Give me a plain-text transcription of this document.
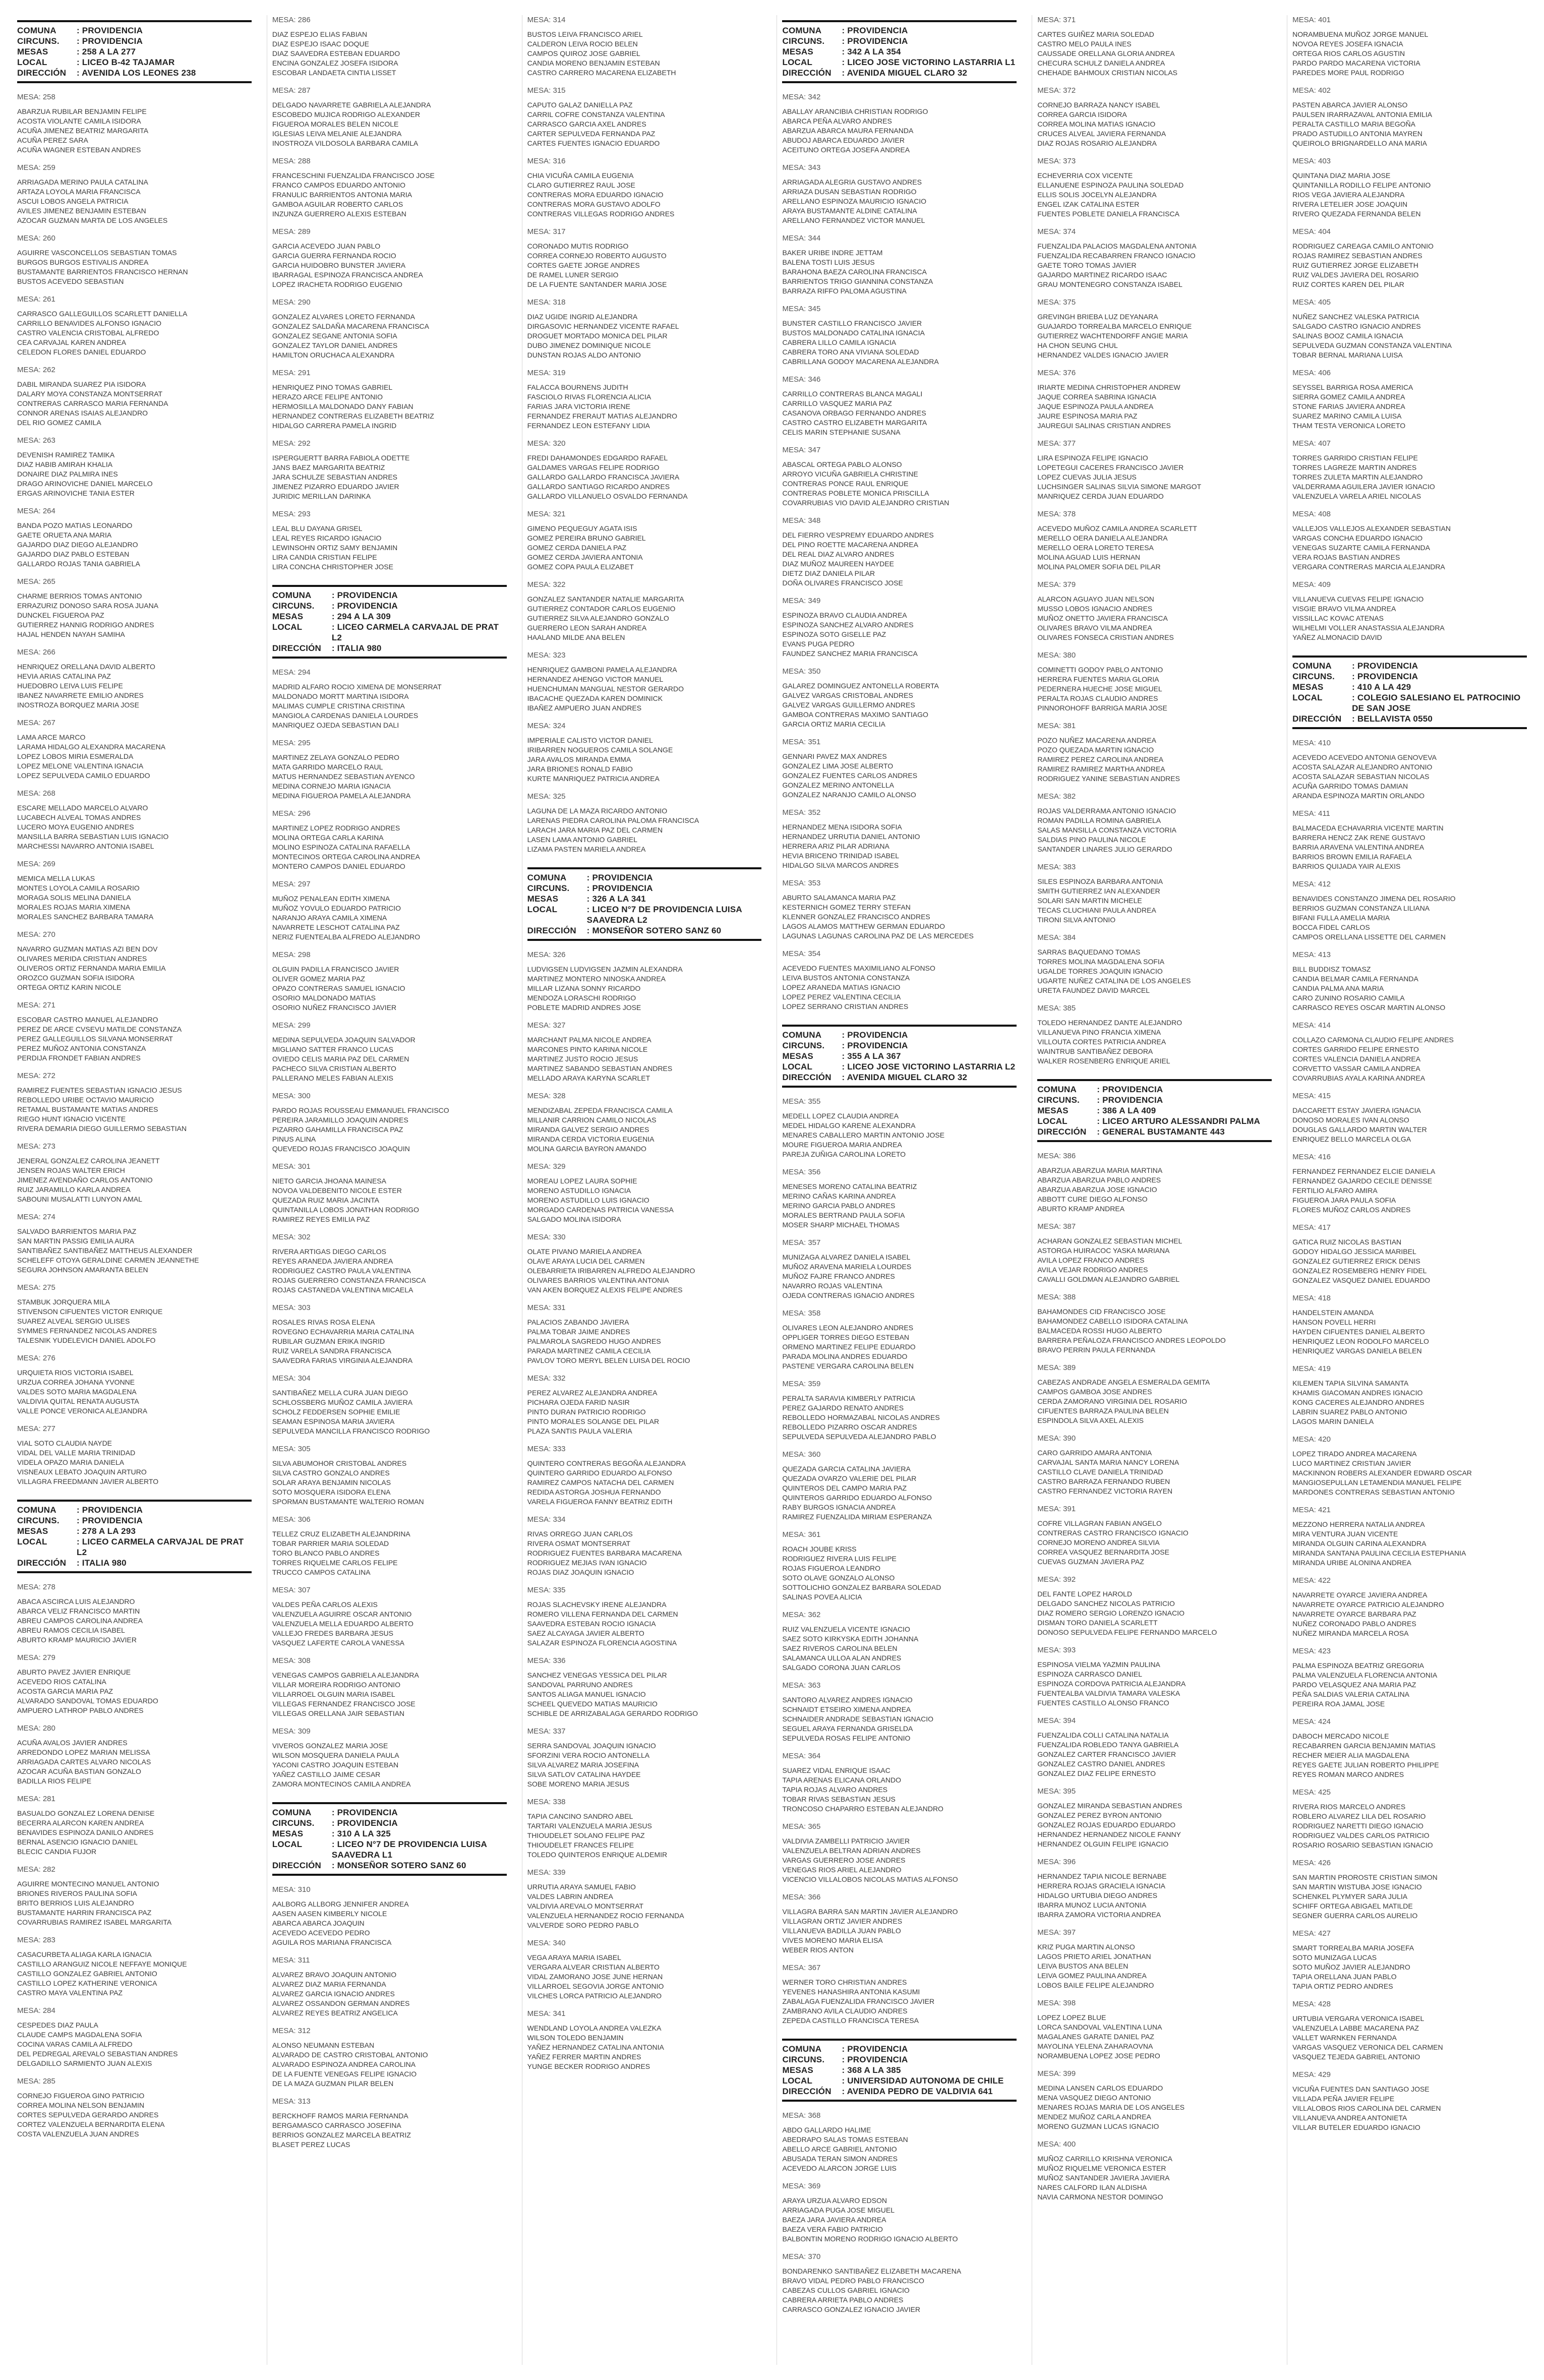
COMUNA	: PROVIDENCIA
CIRCUNS.	: PROVIDENCIA
MESAS	: 258 A LA 277
LOCAL	: LICEO B-42 TAJAMAR
DIRECCIÓN	: AVENIDA LOS LEONES 238
MESA: 258
ABARZUA RUBILAR BENJAMIN FELIPE
ACOSTA VIOLANTE CAMILA ISIDORA
ACUÑA JIMENEZ BEATRIZ MARGARITA
ACUÑA PEREZ SARA
ACUÑA WAGNER ESTEBAN ANDRES
MESA: 259
ARRIAGADA MERINO PAULA CATALINA
ARTAZA LOYOLA MARIA FRANCISCA
ASCUI LOBOS ANGELA PATRICIA
AVILES JIMENEZ BENJAMIN ESTEBAN
AZOCAR GUZMAN MARTA DE LOS ANGELES
MESA: 260
AGUIRRE VASCONCELLOS SEBASTIAN TOMAS
BURGOS BURGOS ESTIVALIS ANDREA
BUSTAMANTE BARRIENTOS FRANCISCO HERNAN
BUSTOS ACEVEDO SEBASTIAN
MESA: 261
CARRASCO GALLEGUILLOS SCARLETT DANIELLA
CARRILLO BENAVIDES ALFONSO IGNACIO
CASTRO VALENCIA CRISTOBAL ALFREDO
CEA CARVAJAL KAREN ANDREA
CELEDON FLORES DANIEL EDUARDO
MESA: 262
DABIL MIRANDA SUAREZ PIA ISIDORA
DALARY MOYA CONSTANZA MONTSERRAT
CONTRERAS CARRASCO MARIA FERNANDA
CONNOR ARENAS ISAIAS ALEJANDRO
DEL RIO GOMEZ CAMILA
MESA: 263
DEVENISH RAMIREZ TAMIKA
DIAZ HABIB AMIRAH KHALIA
DONAIRE DIAZ PALMIRA INES
DRAGO ARINOVICHE DANIEL MARCELO
ERGAS ARINOVICHE TANIA ESTER
MESA: 264
BANDA POZO MATIAS LEONARDO
GAETE ORUETA ANA MARIA
GAJARDO DIAZ DIEGO ALEJANDRO
GAJARDO DIAZ PABLO ESTEBAN
GALLARDO ROJAS TANIA GABRIELA
MESA: 265
CHARME BERRIOS TOMAS ANTONIO
ERRAZURIZ DONOSO SARA ROSA JUANA
DUNCKEL FIGUEROA PAZ
GUTIERREZ HANNIG RODRIGO ANDRES
HAJAL HENDEN NAYAH SAMIHA
MESA: 266
HENRIQUEZ ORELLANA DAVID ALBERTO
HEVIA ARIAS CATALINA PAZ
HUEDOBRO LEIVA LUIS FELIPE
IBANEZ NAVARRETE EMILIO ANDRES
INOSTROZA BORQUEZ MARIA JOSE
MESA: 267
LAMA ARCE MARCO
LARAMA HIDALGO ALEXANDRA MACARENA
LOPEZ LOBOS MIRIA ESMERALDA
LOPEZ MELONE VALENTINA IGNACIA
LOPEZ SEPULVEDA CAMILO EDUARDO
MESA: 268
ESCARE MELLADO MARCELO ALVARO
LUCABECH ALVEAL TOMAS ANDRES
LUCERO MOYA EUGENIO ANDRES
MANSILLA BARRA SEBASTIAN LUIS IGNACIO
MARCHESSI NAVARRO ANTONIA ISABEL
MESA: 269
MEMICA MELLA LUKAS
MONTES LOYOLA CAMILA ROSARIO
MORAGA SOLIS MELINA DANIELA
MORALES ROJAS MARIA XIMENA
MORALES SANCHEZ BARBARA TAMARA
MESA: 270
NAVARRO GUZMAN MATIAS AZI BEN DOV
OLIVARES MERIDA CRISTIAN ANDRES
OLIVEROS ORTIZ FERNANDA MARIA EMILIA
OROZCO GUZMAN SOFIA ISIDORA
ORTEGA ORTIZ KARIN NICOLE
MESA: 271
ESCOBAR CASTRO MANUEL ALEJANDRO
PEREZ DE ARCE CVSEVU MATILDE CONSTANZA
PEREZ GALLEGUILLOS SILVANA MONSERRAT
PEREZ MUÑOZ ANTONIA CONSTANZA
PERDIJA FRONDET FABIAN ANDRES
MESA: 272
RAMIREZ FUENTES SEBASTIAN IGNACIO JESUS
REBOLLEDO URIBE OCTAVIO MAURICIO
RETAMAL BUSTAMANTE MATIAS ANDRES
RIEGO HUNT IGNACIO VICENTE
RIVERA DEMARIA DIEGO GUILLERMO SEBASTIAN
MESA: 273
JENERAL GONZALEZ CAROLINA JEANETT
JENSEN ROJAS WALTER ERICH
JIMENEZ AVENDAÑO CARLOS ANTONIO
RUIZ JARAMILLO KARLA ANDREA
SABOUNI MUSALATTI LUNYON AMAL
MESA: 274
SALVADO BARRIENTOS MARIA PAZ
SAN MARTIN PASSIG EMILIA AURA
SANTIBAÑEZ SANTIBAÑEZ MATTHEUS ALEXANDER
SCHELEFF OTOYA GERALDINE CARMEN JEANNETHE
SEGURA JOHNSON AMARANTA BELEN
MESA: 275
STAMBUK JORQUERA MILA
STIVENSON CIFUENTES VICTOR ENRIQUE
SUAREZ ALVEAL SERGIO ULISES
SYMMES FERNANDEZ NICOLAS ANDRES
TALESNIK YUDELEVICH DANIEL ADOLFO
MESA: 276
URQUIETA RIOS VICTORIA ISABEL
URZUA CORREA JOHANA YVONNE
VALDES SOTO MARIA MAGDALENA
VALDIVIA QUITAL RENATA AUGUSTA
VALLE PONCE VERONICA ALEJANDRA
MESA: 277
VIAL SOTO CLAUDIA NAYDE
VIDAL DEL VALLE MARIA TRINIDAD
VIDELA OPAZO MARIA DANIELA
VISNEAUX LEBATO JOAQUIN ARTURO
VILLAGRA FREEDMANN JAVIER ALBERTO
COMUNA	: PROVIDENCIA
CIRCUNS.	: PROVIDENCIA
MESAS	: 278 A LA 293
LOCAL	: LICEO CARMELA CARVAJAL DE PRAT L2
DIRECCIÓN	: ITALIA 980
MESA: 278
ABACA ASCIRCA LUIS ALEJANDRO
ABARCA VELIZ FRANCISCO MARTIN
ABREU CAMPOS CAROLINA ANDREA
ABREU RAMOS CECILIA ISABEL
ABURTO KRAMP MAURICIO JAVIER
MESA: 279
ABURTO PAVEZ JAVIER ENRIQUE
ACEVEDO RIOS CATALINA
ACOSTA GARCIA MARIA PAZ
ALVARADO SANDOVAL TOMAS EDUARDO
AMPUERO LATHROP PABLO ANDRES
MESA: 280
ACUÑA AVALOS JAVIER ANDRES
ARREDONDO LOPEZ MARIAN MELISSA
ARRIAGADA CARTES ALVARO NICOLAS
AZOCAR ACUÑA BASTIAN GONZALO
BADILLA RIOS FELIPE
MESA: 281
BASUALDO GONZALEZ LORENA DENISE
BECERRA ALARCON KAREN ANDREA
BENAVIDES ESPINOZA DANILO ANDRES
BERNAL ASENCIO IGNACIO DANIEL
BLECIC CANDIA FUJOR
MESA: 282
AGUIRRE MONTECINO MANUEL ANTONIO
BRIONES RIVEROS PAULINA SOFIA
BRITO BERRIOS LUIS ALEJANDRO
BUSTAMANTE HARRIN FRANCISCA PAZ
COVARRUBIAS RAMIREZ ISABEL MARGARITA
MESA: 283
CASACURBETA ALIAGA KARLA IGNACIA
CASTILLO ARANGUIZ NICOLE NEFFAYE MONIQUE
CASTILLO GONZALEZ GABRIEL ANTONIO
CASTILLO LOPEZ KATHERINE VERONICA
CASTRO MAYA VALENTINA PAZ
MESA: 284
CESPEDES DIAZ PAULA
CLAUDE CAMPS MAGDALENA SOFIA
COCINA VARAS CAMILA ALFREDO
DEL PEDREGAL AREVALO SEBASTIAN ANDRES
DELGADILLO SARMIENTO JUAN ALEXIS
MESA: 285
CORNEJO FIGUEROA GINO PATRICIO
CORREA MOLINA NELSON BENJAMIN
CORTES SEPULVEDA GERARDO ANDRES
CORTEZ VALENZUELA BERNARDITA ELENA
COSTA VALENZUELA JUAN ANDRES
MESA: 286
DIAZ ESPEJO ELIAS FABIAN
DIAZ ESPEJO ISAAC DOQUE
DIAZ SAAVEDRA ESTEBAN EDUARDO
ENCINA GONZALEZ JOSEFA ISIDORA
ESCOBAR LANDAETA CINTIA LISSET
MESA: 287
DELGADO NAVARRETE GABRIELA ALEJANDRA
ESCOBEDO MUJICA RODRIGO ALEXANDER
FIGUEROA MORALES BELEN NICOLE
IGLESIAS LEIVA MELANIE ALEJANDRA
INOSTROZA VILDOSOLA BARBARA CAMILA
MESA: 288
FRANCESCHINI FUENZALIDA FRANCISCO JOSE
FRANCO CAMPOS EDUARDO ANTONIO
FRANULIC BARRIENTOS ANTONIA MARIA
GAMBOA AGUILAR ROBERTO CARLOS
INZUNZA GUERRERO ALEXIS ESTEBAN
MESA: 289
GARCIA ACEVEDO JUAN PABLO
GARCIA GUERRA FERNANDA ROCIO
GARCIA HUIDOBRO BUNSTER JAVIERA
IBARRAGAL ESPINOZA FRANCISCA ANDREA
LOPEZ IRACHETA RODRIGO EUGENIO
MESA: 290
GONZALEZ ALVARES LORETO FERNANDA
GONZALEZ SALDAÑA MACARENA FRANCISCA
GONZALEZ SEGANE ANTONIA SOFIA
GONZALEZ TAYLOR DANIEL ANDRES
HAMILTON ORUCHACA ALEXANDRA
MESA: 291
HENRIQUEZ PINO TOMAS GABRIEL
HERAZO ARCE FELIPE ANTONIO
HERMOSILLA MALDONADO DANY FABIAN
HERNANDEZ CONTRERAS ELIZABETH BEATRIZ
HIDALGO CARRERA PAMELA INGRID
MESA: 292
ISPERGUERTT BARRA FABIOLA ODETTE
JANS BAEZ MARGARITA BEATRIZ
JARA SCHULZE SEBASTIAN ANDRES
JIMENEZ PIZARRO EDUARDO JAVIER
JURIDIC MERILLAN DARINKA
MESA: 293
LEAL BLU DAYANA GRISEL
LEAL REYES RICARDO IGNACIO
LEWINSOHN ORTIZ SAMY BENJAMIN
LIRA CANDIA CRISTIAN FELIPE
LIRA CONCHA CHRISTOPHER JOSE
COMUNA	: PROVIDENCIA
CIRCUNS.	: PROVIDENCIA
MESAS	: 294 A LA 309
LOCAL	: LICEO CARMELA CARVAJAL DE PRAT L2
DIRECCIÓN	: ITALIA 980
MESA: 294
MADRID ALFARO ROCIO XIMENA DE MONSERRAT
MALDONADO MORTT MARTINA ISIDORA
MALIMAS CUMPLE CRISTINA CRISTINA
MANGIOLA CARDENAS DANIELA LOURDES
MANRIQUEZ OJEDA SEBASTIAN DALI
MESA: 295
MARTINEZ ZELAYA GONZALO PEDRO
MATA GARRIDO MARCELO RAUL
MATUS HERNANDEZ SEBASTIAN AYENCO
MEDINA CORNEJO MARIA IGNACIA
MEDINA FIGUEROA PAMELA ALEJANDRA
MESA: 296
MARTINEZ LOPEZ RODRIGO ANDRES
MOLINA ORTEGA CARLA KARINA
MOLINO ESPINOZA CATALINA RAFAELLA
MONTECINOS ORTEGA CAROLINA ANDREA
MONTERO CAMPOS DANIEL EDUARDO
MESA: 297
MUÑOZ PENALEAN EDITH XIMENA
MUÑOZ YOVULO EDUARDO PATRICIO
NARANJO ARAYA CAMILA XIMENA
NAVARRETE LESCHOT CATALINA PAZ
NERIZ FUENTEALBA ALFREDO ALEJANDRO
MESA: 298
OLGUIN PADILLA FRANCISCO JAVIER
OLIVER GOMEZ MARIA PAZ
OPAZO CONTRERAS SAMUEL IGNACIO
OSORIO MALDONADO MATIAS
OSORIO NUÑEZ FRANCISCO JAVIER
MESA: 299
MEDINA SEPULVEDA JOAQUIN SALVADOR
MIGLIANO SATTER FRANCO LUCAS
OVIEDO CELIS MARIA PAZ DEL CARMEN
PACHECO SILVA CRISTIAN ALBERTO
PALLERANO MELES FABIAN ALEXIS
MESA: 300
PARDO ROJAS ROUSSEAU EMMANUEL FRANCISCO
PEREIRA JARAMILLO JOAQUIN ANDRES
PIZARRO GAHAMILLA FRANCISCA PAZ
PINUS ALINA
QUEVEDO ROJAS FRANCISCO JOAQUIN
MESA: 301
NIETO GARCIA JHOANA MAINESA
NOVOA VALDEBENITO NICOLE ESTER
QUEZADA RUIZ MARIA JACINTA
QUINTANILLA LOBOS JONATHAN RODRIGO
RAMIREZ REYES EMILIA PAZ
MESA: 302
RIVERA ARTIGAS DIEGO CARLOS
REYES ARANEDA JAVIERA ANDREA
RODRIGUEZ CASTRO PAULA VALENTINA
ROJAS GUERRERO CONSTANZA FRANCISCA
ROJAS CASTANEDA VALENTINA MICAELA
MESA: 303
ROSALES RIVAS ROSA ELENA
ROVEGNO ECHAVARRIA MARIA CATALINA
RUBILAR GUZMAN ERIKA INGRID
RUIZ VARELA SANDRA FRANCISCA
SAAVEDRA FARIAS VIRGINIA ALEJANDRA
MESA: 304
SANTIBAÑEZ MELLA CURA JUAN DIEGO
SCHLOSSBERG MUÑOZ CAMILA JAVIERA
SCHOLZ FEDDERSEN SOPHIE EMILIE
SEAMAN ESPINOSA MARIA JAVIERA
SEPULVEDA MANCILLA FRANCISCO RODRIGO
MESA: 305
SILVA ABUMOHOR CRISTOBAL ANDRES
SILVA CASTRO GONZALO ANDRES
SOLAR ARAYA BENJAMIN NICOLAS
SOTO MOSQUERA ISIDORA ELENA
SPORMAN BUSTAMANTE WALTERIO ROMAN
MESA: 306
TELLEZ CRUZ ELIZABETH ALEJANDRINA
TOBAR PARRIER MARIA SOLEDAD
TORO BLANCO PABLO ANDRES
TORRES RIQUELME CARLOS FELIPE
TRUCCO CAMPOS CATALINA
MESA: 307
VALDES PEÑA CARLOS ALEXIS
VALENZUELA AGUIRRE OSCAR ANTONIO
VALENZUELA MELLA EDUARDO ALBERTO
VALLEJO FREDES BARBARA JESUS
VASQUEZ LAFERTE CAROLA VANESSA
MESA: 308
VENEGAS CAMPOS GABRIELA ALEJANDRA
VILLAR MOREIRA RODRIGO ANTONIO
VILLARROEL OLGUIN MARIA ISABEL
VILLEGAS FERNANDEZ FRANCISCO JOSE
VILLEGAS ORELLANA JAIR SEBASTIAN
MESA: 309
VIVEROS GONZALEZ MARIA JOSE
WILSON MOSQUERA DANIELA PAULA
YACONI CASTRO JOAQUIN ESTEBAN
YAÑEZ CASTILLO JAIME CESAR
ZAMORA MONTECINOS CAMILA ANDREA
COMUNA	: PROVIDENCIA
CIRCUNS.	: PROVIDENCIA
MESAS	: 310 A LA 325
LOCAL	: LICEO N°7 DE PROVIDENCIA LUISA SAAVEDRA L1
DIRECCIÓN	: MONSEÑOR SOTERO SANZ 60
MESA: 310
AALBORG ALLBORG JENNIFER ANDREA
AASEN AASEN KIMBERLY NICOLE
ABARCA ABARCA JOAQUIN
ACEVEDO ACEVEDO PEDRO
AGUILA ROS MARIANA FRANCISCA
MESA: 311
ALVAREZ BRAVO JOAQUIN ANTONIO
ALVAREZ DIAZ MARIA FERNANDA
ALVAREZ GARCIA IGNACIO ANDRES
ALVAREZ OSSANDON GERMAN ANDRES
ALVAREZ REYES BEATRIZ ANGELICA
MESA: 312
ALONSO NEUMANN ESTEBAN
ALVARADO DE CASTRO CRISTOBAL ANTONIO
ALVARADO ESPINOZA ANDREA CAROLINA
DE LA FUENTE VENEGAS FELIPE IGNACIO
DE LA MAZA GUZMAN PILAR BELEN
MESA: 313
BERCKHOFF RAMOS MARIA FERNANDA
BERGAMASCO CARRASCO JOSEFINA
BERRIOS GONZALEZ MARCELA BEATRIZ
BLASET PEREZ LUCAS
MESA: 314
BUSTOS LEIVA FRANCISCO ARIEL
CALDERON LEIVA ROCIO BELEN
CAMPOS QUIROZ JOSE GABRIEL
CANDIA MORENO BENJAMIN ESTEBAN
CASTRO CARRERO MACARENA ELIZABETH
MESA: 315
CAPUTO GALAZ DANIELLA PAZ
CARRIL COFRE CONSTANZA VALENTINA
CARRASCO GARCIA AXEL ANDRES
CARTER SEPULVEDA FERNANDA PAZ
CARTES FUENTES IGNACIO EDUARDO
MESA: 316
CHIA VICUÑA CAMILA EUGENIA
CLARO GUTIERREZ RAUL JOSE
CONTRERAS MORA EDUARDO IGNACIO
CONTRERAS MORA GUSTAVO ADOLFO
CONTRERAS VILLEGAS RODRIGO ANDRES
MESA: 317
CORONADO MUTIS RODRIGO
CORREA CORNEJO ROBERTO AUGUSTO
CORTES GAETE JORGE ANDRES
DE RAMEL LUNER SERGIO
DE LA FUENTE SANTANDER MARIA JOSE
MESA: 318
DIAZ UGIDE INGRID ALEJANDRA
DIRGASOVIC HERNANDEZ VICENTE RAFAEL
DROGUET MORTADO MONICA DEL PILAR
DUBO JIMENEZ DOMINIQUE NICOLE
DUNSTAN ROJAS ALDO ANTONIO
MESA: 319
FALACCA BOURNENS JUDITH
FASCIOLO RIVAS FLORENCIA ALICIA
FARIAS JARA VICTORIA IRENE
FERNANDEZ FRERAUT MATIAS ALEJANDRO
FERNANDEZ LEON ESTEFANY LIDIA
MESA: 320
FREDI DAHAMONDES EDGARDO RAFAEL
GALDAMES VARGAS FELIPE RODRIGO
GALLARDO GALLARDO FRANCISCA JAVIERA
GALLARDO SANTIAGO RICARDO ANDRES
GALLARDO VILLANUELO OSVALDO FERNANDA
MESA: 321
GIMENO PEQUEGUY AGATA ISIS
GOMEZ PEREIRA BRUNO GABRIEL
GOMEZ CERDA DANIELA PAZ
GOMEZ CERDA JAVIERA ANTONIA
GOMEZ COPA PAULA ELIZABET
MESA: 322
GONZALEZ SANTANDER NATALIE MARGARITA
GUTIERREZ CONTADOR CARLOS EUGENIO
GUTIERREZ SILVA ALEJANDRO GONZALO
GUERRERO LEON SARAH ANDREA
HAALAND MILDE ANA BELEN
MESA: 323
HENRIQUEZ GAMBONI PAMELA ALEJANDRA
HERNANDEZ AHENGO VICTOR MANUEL
HUENCHUMAN MANGUAL NESTOR GERARDO
IBACACHE QUEZADA KAREN DOMINICK
IBAÑEZ AMPUERO JUAN ANDRES
MESA: 324
IMPERIALE CALISTO VICTOR DANIEL
IRIBARREN NOGUEROS CAMILA SOLANGE
JARA AVALOS MIRANDA EMMA
JARA BRIONES RONALD FABIO
KURTE MANRIQUEZ PATRICIA ANDREA
MESA: 325
LAGUNA DE LA MAZA RICARDO ANTONIO
LARENAS PIEDRA CAROLINA PALOMA FRANCISCA
LARACH JARA MARIA PAZ DEL CARMEN
LASEN LAMA ANTONIO GABRIEL
LIZAMA PASTEN MARIELA ANDREA
COMUNA	: PROVIDENCIA
CIRCUNS.	: PROVIDENCIA
MESAS	: 326 A LA 341
LOCAL	: LICEO N°7 DE PROVIDENCIA LUISA SAAVEDRA L2
DIRECCIÓN	: MONSEÑOR SOTERO SANZ 60
MESA: 326
LUDVIGSEN LUDVIGSEN JAZMIN ALEXANDRA
MARTINEZ MONTERO NINOSKA ANDREA
MILLAR LIZANA SONNY RICARDO
MENDOZA LORASCHI RODRIGO
POBLETE MADRID ANDRES JOSE
MESA: 327
MARCHANT PALMA NICOLE ANDREA
MARCONES PINTO KARINA NICOLE
MARTINEZ JUSTO ROCIO JESUS
MARTINEZ SABANDO SEBASTIAN ANDRES
MELLADO ARAYA KARYNA SCARLET
MESA: 328
MENDIZABAL ZEPEDA FRANCISCA CAMILA
MILLANIR CARRION CAMILO NICOLAS
MIRANDA GALVEZ SERGIO ANDRES
MIRANDA CERDA VICTORIA EUGENIA
MOLINA GARCIA BAYRON AMANDO
MESA: 329
MOREAU LOPEZ LAURA SOPHIE
MORENO ASTUDILLO IGNACIA
MORENO ASTUDILLO LUIS IGNACIO
MORGADO CARDENAS PATRICIA VANESSA
SALGADO MOLINA ISIDORA
MESA: 330
OLATE PIVANO MARIELA ANDREA
OLAVE ARAYA LUCIA DEL CARMEN
OLEBARRIETA IRIBARREN ALFREDO ALEJANDRO
OLIVARES BARRIOS VALENTINA ANTONIA
VAN AKEN BORQUEZ ALEXIS FELIPE ANDRES
MESA: 331
PALACIOS ZABANDO JAVIERA
PALMA TOBAR JAIME ANDRES
PALMAROLA SAGREDO HUGO ANDRES
PARADA MARTINEZ CAMILA CECILIA
PAVLOV TORO MERYL BELEN LUISA DEL ROCIO
MESA: 332
PEREZ ALVAREZ ALEJANDRA ANDREA
PICHARA OJEDA FARID NASIR
PINTO DURAN PATRICIO RODRIGO
PINTO MORALES SOLANGE DEL PILAR
PLAZA SANTIS PAULA VALERIA
MESA: 333
QUINTERO CONTRERAS BEGOÑA ALEJANDRA
QUINTERO GARRIDO EDUARDO ALFONSO
RAMIREZ CAMPOS NATACHA DEL CARMEN
REDIDA ASTORGA JOSHUA FERNANDO
VARELA FIGUEROA FANNY BEATRIZ EDITH
MESA: 334
RIVAS ORREGO JUAN CARLOS
RIVERA OSMAT MONTSERRAT
RODRIGUEZ FUENTES BARBARA MACARENA
RODRIGUEZ MEJIAS IVAN IGNACIO
ROJAS DIAZ JOAQUIN IGNACIO
MESA: 335
ROJAS SLACHEVSKY IRENE ALEJANDRA
ROMERO VILLENA FERNANDA DEL CARMEN
SAAVEDRA ESTEBAN ROCIO IGNACIA
SAEZ ALCAYAGA JAVIER ALBERTO
SALAZAR ESPINOZA FLORENCIA AGOSTINA
MESA: 336
SANCHEZ VENEGAS YESSICA DEL PILAR
SANDOVAL PARRUNO ANDRES
SANTOS ALIAGA MANUEL IGNACIO
SCHEEL QUEVEDO MATIAS MAURICIO
SCHIBLE DE ARRIZABALAGA GERARDO RODRIGO
MESA: 337
SERRA SANDOVAL JOAQUIN IGNACIO
SFORZINI VERA ROCIO ANTONELLA
SILVA ALVAREZ MARIA JOSEFINA
SILVA SATLOV CATALINA HAYDEE
SOBE MORENO MARIA JESUS
MESA: 338
TAPIA CANCINO SANDRO ABEL
TARTARI VALENZUELA MARIA JESUS
THIOUDELET SOLANO FELIPE PAZ
THIOUDELET FRANCES FELIPE
TOLEDO QUINTEROS ENRIQUE ALDEMIR
MESA: 339
URRUTIA ARAYA SAMUEL FABIO
VALDES LABRIN ANDREA
VALDIVIA AREVALO MONTSERRAT
VALENZUELA HERNANDEZ ROCIO FERNANDA
VALVERDE SORO PEDRO PABLO
MESA: 340
VEGA ARAYA MARIA ISABEL
VERGARA ALVEAR CRISTIAN ALBERTO
VIDAL ZAMORANO JOSE JUNE HERNAN
VILLARROEL SEGOVIA JORGE ANTONIO
VILCHES LORCA PATRICIO ALEJANDRO
MESA: 341
WENDLAND LOYOLA ANDREA VALEZKA
WILSON TOLEDO BENJAMIN
YAÑEZ HERNANDEZ CATALINA ANTONIA
YAÑEZ FERRER MARTIN ANDRES
YUNGE BECKER RODRIGO ANDRES
COMUNA	: PROVIDENCIA
CIRCUNS.	: PROVIDENCIA
MESAS	: 342 A LA 354
LOCAL	: LICEO JOSE VICTORINO LASTARRIA L1
DIRECCIÓN	: AVENIDA MIGUEL CLARO 32
MESA: 342
ABALLAY ARANCIBIA CHRISTIAN RODRIGO
ABARCA PEÑA ALVARO ANDRES
ABARZUA ABARCA MAURA FERNANDA
ABUDOJ ABARCA EDUARDO JAVIER
ACEITUNO ORTEGA JOSEFA ANDREA
MESA: 343
ARRIAGADA ALEGRIA GUSTAVO ANDRES
ARRIAZA DUSAN SEBASTIAN RODRIGO
ARELLANO ESPINOZA MAURICIO IGNACIO
ARAYA BUSTAMANTE ALDINE CATALINA
ARELLANO FERNANDEZ VICTOR MANUEL
MESA: 344
BAKER URIBE INDRE JETTAM
BALENA TOSTI LUIS JESUS
BARAHONA BAEZA CAROLINA FRANCISCA
BARRIENTOS TRIGO GIANNINA CONSTANZA
BARRAZA RIFFO PALOMA AGUSTINA
MESA: 345
BUNSTER CASTILLO FRANCISCO JAVIER
BUSTOS MALDONADO CATALINA IGNACIA
CABRERA LILLO CAMILA IGNACIA
CABRERA TORO ANA VIVIANA SOLEDAD
CABRILLANA GODOY MACARENA ALEJANDRA
MESA: 346
CARRILLO CONTRERAS BLANCA MAGALI
CARRILLO VASQUEZ MARIA PAZ
CASANOVA ORBAGO FERNANDO ANDRES
CASTRO CASTRO ELIZABETH MARGARITA
CELIS MARIN STEPHANIE SUSANA
MESA: 347
ABASCAL ORTEGA PABLO ALONSO
ARROYO VICUÑA GABRIELA CHRISTINE
CONTRERAS PONCE RAUL ENRIQUE
CONTRERAS POBLETE MONICA PRISCILLA
COVARRUBIAS VIO DAVID ALEJANDRO CRISTIAN
MESA: 348
DEL FIERRO VESPREMY EDUARDO ANDRES
DEL PINO ROETTE MACARENA ANDREA
DEL REAL DIAZ ALVARO ANDRES
DIAZ MUÑOZ MAUREEN HAYDEE
DIETZ DIAZ DANIELA PILAR
DOÑA OLIVARES FRANCISCO JOSE
MESA: 349
ESPINOZA BRAVO CLAUDIA ANDREA
ESPINOZA SANCHEZ ALVARO ANDRES
ESPINOZA SOTO GISELLE PAZ
EVANS PUGA PEDRO
FAUNDEZ SANCHEZ MARIA FRANCISCA
MESA: 350
GALAREZ DOMINGUEZ ANTONELLA ROBERTA
GALVEZ VARGAS CRISTOBAL ANDRES
GALVEZ VARGAS GUILLERMO ANDRES
GAMBOA CONTRERAS MAXIMO SANTIAGO
GARCIA ORTIZ MARIA CECILIA
MESA: 351
GENNARI PAVEZ MAX ANDRES
GONZALEZ LIMA JOSE ALBERTO
GONZALEZ FUENTES CARLOS ANDRES
GONZALEZ MERINO ANTONELLA
GONZALEZ NARANJO CAMILO ALONSO
MESA: 352
HERNANDEZ MENA ISIDORA SOFIA
HERNANDEZ URRUTIA DANIEL ANTONIO
HERRERA ARIZ PILAR ADRIANA
HEVIA BRICENO TRINIDAD ISABEL
HIDALGO SILVA MARCOS ANDRES
MESA: 353
ABURTO SALAMANCA MARIA PAZ
KESTERNICH GOMEZ TERRY STEFAN
KLENNER GONZALEZ FRANCISCO ANDRES
LAGOS ALAMOS MATTHEW GERMAN EDUARDO
LAGUNAS LAGUNAS CAROLINA PAZ DE LAS MERCEDES
MESA: 354
ACEVEDO FUENTES MAXIMILIANO ALFONSO
LEIVA BUSTOS ANTONIA CONSTANZA
LOPEZ ARANEDA MATIAS IGNACIO
LOPEZ PEREZ VALENTINA CECILIA
LOPEZ SERRANO CRISTIAN ANDRES
COMUNA	: PROVIDENCIA
CIRCUNS.	: PROVIDENCIA
MESAS	: 355 A LA 367
LOCAL	: LICEO JOSE VICTORINO LASTARRIA L2
DIRECCIÓN	: AVENIDA MIGUEL CLARO 32
MESA: 355
MEDELL LOPEZ CLAUDIA ANDREA
MEDEL HIDALGO KARENE ALEXANDRA
MENARES CABALLERO MARTIN ANTONIO JOSE
MOURE FIGUEROA MARIA ANDREA
PAREJA ZUÑIGA CAROLINA LORETO
MESA: 356
MENESES MORENO CATALINA BEATRIZ
MERINO CAÑAS KARINA ANDREA
MERINO GARCIA PABLO ANDRES
MORALES BERTRAND PAULA SOFIA
MOSER SHARP MICHAEL THOMAS
MESA: 357
MUNIZAGA ALVAREZ DANIELA ISABEL
MUÑOZ ARAVENA MARIELA LOURDES
MUÑOZ FAJRE FRANCO ANDRES
NAVARRO ROJAS VALENTINA
OJEDA CONTRERAS IGNACIO ANDRES
MESA: 358
OLIVARES LEON ALEJANDRO ANDRES
OPPLIGER TORRES DIEGO ESTEBAN
ORMENO MARTINEZ FELIPE EDUARDO
PARADA MOLINA ANDRES EDUARDO
PASTENE VERGARA CAROLINA BELEN
MESA: 359
PERALTA SARAVIA KIMBERLY PATRICIA
PEREZ GAJARDO RENATO ANDRES
REBOLLEDO HORMAZABAL NICOLAS ANDRES
REBOLLEDO PIZARRO OSCAR ANDRES
SEPULVEDA SEPULVEDA ALEJANDRO PABLO
MESA: 360
QUEZADA GARCIA CATALINA JAVIERA
QUEZADA OVARZO VALERIE DEL PILAR
QUINTEROS DEL CAMPO MARIA PAZ
QUINTEROS GARRIDO EDUARDO ALFONSO
RABY BURGOS IGNACIA ANDREA
RAMIREZ FUENZALIDA MIRIAM ESPERANZA
MESA: 361
ROACH JOUBE KRISS
RODRIGUEZ RIVERA LUIS FELIPE
ROJAS FIGUEROA LEANDRO
SOTO OLAVE GONZALO ALONSO
SOTTOLICHIO GONZALEZ BARBARA SOLEDAD
SALINAS POVEA ALICIA
MESA: 362
RUIZ VALENZUELA VICENTE IGNACIO
SAEZ SOTO KIRKYSKA EDITH JOHANNA
SAEZ RIVEROS CAROLINA BELEN
SALAMANCA ULLOA ALAN ANDRES
SALGADO CORONA JUAN CARLOS
MESA: 363
SANTORO ALVAREZ ANDRES IGNACIO
SCHNAIDT ETSEIRO XIMENA ANDREA
SCHNAIDER ANDRADE SEBASTIAN IGNACIO
SEGUEL ARAYA FERNANDA GRISELDA
SEPULVEDA ROSAS FELIPE ANTONIO
MESA: 364
SUAREZ VIDAL ENRIQUE ISAAC
TAPIA ARENAS ELICANA ORLANDO
TAPIA ROJAS ALVARO ANDRES
TOBAR RIVAS SEBASTIAN JESUS
TRONCOSO CHAPARRO ESTEBAN ALEJANDRO
MESA: 365
VALDIVIA ZAMBELLI PATRICIO JAVIER
VALENZUELA BELTRAN ADRIAN ANDRES
VARGAS GUERRERO JOSE ANDRES
VENEGAS RIOS ARIEL ALEJANDRO
VICENCIO VILLALOBOS NICOLAS MATIAS ALFONSO
MESA: 366
VILLAGRA BARRA SAN MARTIN JAVIER ALEJANDRO
VILLAGRAN ORTIZ JAVIER ANDRES
VILLANUEVA BADILLA JUAN PABLO
VIVES MORENO MARIA ELISA
WEBER RIOS ANTON
MESA: 367
WERNER TORO CHRISTIAN ANDRES
YEVENES HANASHIRA ANTONIA KASUMI
ZABALAGA FUENZALIDA FRANCISCO JAVIER
ZAMBRANO AVILA CLAUDIO ANDRES
ZEPEDA CASTILLO FRANCISCA TERESA
COMUNA	: PROVIDENCIA
CIRCUNS.	: PROVIDENCIA
MESAS	: 368 A LA 385
LOCAL	: UNIVERSIDAD AUTONOMA DE CHILE
DIRECCIÓN	: AVENIDA PEDRO DE VALDIVIA 641
MESA: 368
ABDO GALLARDO HALIME
ABEDRAPO SALAS TOMAS ESTEBAN
ABELLO ARCE GABRIEL ANTONIO
ABUSADA TERAN SIMON ANDRES
ACEVEDO ALARCON JORGE LUIS
MESA: 369
ARAYA URZUA ALVARO EDSON
ARRIAGADA PUGA JOSE MIGUEL
BAEZA JARA JAVIERA ANDREA
BAEZA VERA FABIO PATRICIO
BALBONTIN MORENO RODRIGO IGNACIO ALBERTO
MESA: 370
BONDARENKO SANTIBAÑEZ ELIZABETH MACARENA
BRAVO VIDAL PEDRO PABLO FRANCISCO
CABEZAS CULLOS GABRIEL IGNACIO
CABRERA ARRIETA PABLO ANDRES
CARRASCO GONZALEZ IGNACIO JAVIER
MESA: 371
CARTES GUIÑEZ MARIA SOLEDAD
CASTRO MELO PAULA INES
CAUSSADE ORELLANA GLORIA ANDREA
CHECURA SCHULZ DANIELA ANDREA
CHEHADE BAHMOUX CRISTIAN NICOLAS
MESA: 372
CORNEJO BARRAZA NANCY ISABEL
CORREA GARCIA ISIDORA
CORREA MOLINA MATIAS IGNACIO
CRUCES ALVEAL JAVIERA FERNANDA
DIAZ ROJAS ROSARIO ALEJANDRA
MESA: 373
ECHEVERRIA COX VICENTE
ELLANUENE ESPINOZA PAULINA SOLEDAD
ELLIS SOLIS JOCELYN ALEJANDRA
ENGEL IZAK CATALINA ESTER
FUENTES POBLETE DANIELA FRANCISCA
MESA: 374
FUENZALIDA PALACIOS MAGDALENA ANTONIA
FUENZALIDA RECABARREN FRANCO IGNACIO
GAETE TORO TOMAS JAVIER
GAJARDO MARTINEZ RICARDO ISAAC
GRAU MONTENEGRO CONSTANZA ISABEL
MESA: 375
GREVINGH BRIEBA LUZ DEYANARA
GUAJARDO TORREALBA MARCELO ENRIQUE
GUTIERREZ WACHTENDORFF ANGIE MARIA
HA CHON SEUNG CHUL
HERNANDEZ VALDES IGNACIO JAVIER
MESA: 376
IRIARTE MEDINA CHRISTOPHER ANDREW
JAQUE CORREA SABRINA IGNACIA
JAQUE ESPINOZA PAULA ANDREA
JAURE ESPINOSA MARIA PAZ
JAUREGUI SALINAS CRISTIAN ANDRES
MESA: 377
LIRA ESPINOZA FELIPE IGNACIO
LOPETEGUI CACERES FRANCISCO JAVIER
LOPEZ CUEVAS JULIA JESUS
LUCHSINGER SALINAS SILVIA SIMONE MARGOT
MANRIQUEZ CERDA JUAN EDUARDO
MESA: 378
ACEVEDO MUÑOZ CAMILA ANDREA SCARLETT
MERELLO OERA DANIELA ALEJANDRA
MERELLO OERA LORETO TERESA
MOLINA AGUAD LUIS HERNAN
MOLINA PALOMER SOFIA DEL PILAR
MESA: 379
ALARCON AGUAYO JUAN NELSON
MUSSO LOBOS IGNACIO ANDRES
MUÑOZ ONETTO JAVIERA FRANCISCA
OLIVARES BRAVO VILMA ANDREA
OLIVARES FONSECA CRISTIAN ANDRES
MESA: 380
COMINETTI GODOY PABLO ANTONIO
HERRERA FUENTES MARIA GLORIA
PEDERNERA HUECHE JOSE MIGUEL
PERALTA ROJAS CLAUDIO ANDRES
PINNOROHOFF BARRIGA MARIA JOSE
MESA: 381
POZO NUÑEZ MACARENA ANDREA
POZO QUEZADA MARTIN IGNACIO
RAMIREZ PEREZ CAROLINA ANDREA
RAMIREZ RAMIREZ MARTHA ANDREA
RODRIGUEZ YANINE SEBASTIAN ANDRES
MESA: 382
ROJAS VALDERRAMA ANTONIO IGNACIO
ROMAN PADILLA ROMINA GABRIELA
SALAS MANSILLA CONSTANZA VICTORIA
SALDIAS PINO PAULINA NICOLE
SANTANDER LINARES JULIO GERARDO
MESA: 383
SILES ESPINOZA BARBARA ANTONIA
SMITH GUTIERREZ IAN ALEXANDER
SOLARI SAN MARTIN MICHELE
TECAS CLUCHIANI PAULA ANDREA
TIRONI SILVA ANTONIO
MESA: 384
SARRAS BAQUEDANO TOMAS
TORRES MOLINA MAGDALENA SOFIA
UGALDE TORRES JOAQUIN IGNACIO
UGARTE NUÑEZ CATALINA DE LOS ANGELES
URETA FAUNDEZ DAVID MARCEL
MESA: 385
TOLEDO HERNANDEZ DANTE ALEJANDRO
VILLANUEVA PINO FRANCIA XIMENA
VILLOUTA CORTES PATRICIA ANDREA
WAINTRUB SANTIBAÑEZ DEBORA
WALKER ROSENBERG ENRIQUE ARIEL
COMUNA	: PROVIDENCIA
CIRCUNS.	: PROVIDENCIA
MESAS	: 386 A LA 409
LOCAL	: LICEO ARTURO ALESSANDRI PALMA
DIRECCIÓN	: GENERAL BUSTAMANTE 443
MESA: 386
ABARZUA ABARZUA MARIA MARTINA
ABARZUA ABARZUA PABLO ANDRES
ABARZUA ABARZUA JOSE IGNACIO
ABBOTT CURE DIEGO ALFONSO
ABURTO KRAMP ANDREA
MESA: 387
ACHARAN GONZALEZ SEBASTIAN MICHEL
ASTORGA HUIRACOC YASKA MARIANA
AVILA LOPEZ FRANCO ANDRES
AVILA VEJAR RODRIGO ANDRES
CAVALLI GOLDMAN ALEJANDRO GABRIEL
MESA: 388
BAHAMONDES CID FRANCISCO JOSE
BAHAMONDEZ CABELLO ISIDORA CATALINA
BALMACEDA ROSSI HUGO ALBERTO
BARRERA PEÑALOZA FRANCISCO ANDRES LEOPOLDO
BRAVO PERRIN PAULA FERNANDA
MESA: 389
CABEZAS ANDRADE ANGELA ESMERALDA GEMITA
CAMPOS GAMBOA JOSE ANDRES
CERDA ZAMORANO VIRGINIA DEL ROSARIO
CIFUENTES BARRAZA PAULINA BELEN
ESPINDOLA SILVA AXEL ALEXIS
MESA: 390
CARO GARRIDO AMARA ANTONIA
CARVAJAL SANTA MARIA NANCY LORENA
CASTILLO CLAVE DANIELA TRINIDAD
CASTRO BARRAZA FERNANDO RUBEN
CASTRO FERNANDEZ VICTORIA RAYEN
MESA: 391
COFRE VILLAGRAN FABIAN ANGELO
CONTRERAS CASTRO FRANCISCO IGNACIO
CORNEJO MORENO ANDREA SILVIA
CORREA VASQUEZ BERNARDITA JOSE
CUEVAS GUZMAN JAVIERA PAZ
MESA: 392
DEL FANTE LOPEZ HAROLD
DELGADO SANCHEZ NICOLAS PATRICIO
DIAZ ROMERO SERGIO LORENZO IGNACIO
DISMAN TORO DANIELA SCARLETT
DONOSO SEPULVEDA FELIPE FERNANDO MARCELO
MESA: 393
ESPINOSA VIELMA YAZMIN PAULINA
ESPINOZA CARRASCO DANIEL
ESPINOZA CORDOVA PATRICIA ALEJANDRA
FUENTEALBA VALDIVIA TAMARA VALESKA
FUENTES CASTILLO ALONSO FRANCO
MESA: 394
FUENZALIDA COLLI CATALINA NATALIA
FUENZALIDA ROBLEDO TANYA GABRIELA
GONZALEZ CARTER FRANCISCO JAVIER
GONZALEZ CASTRO DANIEL ANDRES
GONZALEZ DIAZ FELIPE ERNESTO
MESA: 395
GONZALEZ MIRANDA SEBASTIAN ANDRES
GONZALEZ PEREZ BYRON ANTONIO
GONZALEZ ROJAS EDUARDO EDUARDO
HERNANDEZ HERNANDEZ NICOLE FANNY
HERNANDEZ OLGUIN FELIPE IGNACIO
MESA: 396
HERNANDEZ TAPIA NICOLE BERNABE
HERRERA ROJAS GRACIELA IGNACIA
HIDALGO URTUBIA DIEGO ANDRES
IBARRA MUNOZ LUCIA ANTONIA
IBARRA ZAMORA VICTORIA ANDREA
MESA: 397
KRIZ PUGA MARTIN ALONSO
LAGOS PRIETO ARIEL JONATHAN
LEIVA BUSTOS ANA BELEN
LEIVA GOMEZ PAULINA ANDREA
LOBOS BAILE FELIPE ALEJANDRO
MESA: 398
LOPEZ LOPEZ BLUE
LORCA SANDOVAL VALENTINA LUNA
MAGALANES GARATE DANIEL PAZ
MAYOLINA YELENA ZAHARAOVNA
NORAMBUENA LOPEZ JOSE PEDRO
MESA: 399
MEDINA LANSEN CARLOS EDUARDO
MENA VASQUEZ DIEGO ANTONIO
MENARES ROJAS MARIA DE LOS ANGELES
MENDEZ MUÑOZ CARLA ANDREA
MORENO GUZMAN LUCAS IGNACIO
MESA: 400
MUÑOZ CARRILLO KRISHNA VERONICA
MUÑOZ RIQUELME VERONICA ESTER
MUÑOZ SANTANDER JAVIERA JAVIERA
NARES CALFORD ILAN ALDISHA
NAVIA CARMONA NESTOR DOMINGO
MESA: 401
NORAMBUENA MUÑOZ JORGE MANUEL
NOVOA REYES JOSEFA IGNACIA
ORTEGA RIOS CARLOS AGUSTIN
PARDO PARDO MACARENA VICTORIA
PAREDES MORE PAUL RODRIGO
MESA: 402
PASTEN ABARCA JAVIER ALONSO
PAULSEN IRARRAZAVAL ANTONIA EMILIA
PERALTA CASTILLO MARIA BEGOÑA
PRADO ASTUDILLO ANTONIA MAYREN
QUEIROLO BRIGNARDELLO ANA MARIA
MESA: 403
QUINTANA DIAZ MARIA JOSE
QUINTANILLA RODILLO FELIPE ANTONIO
RIOS VEGA JAVIERA ALEJANDRA
RIVERA LETELIER JOSE JOAQUIN
RIVERO QUEZADA FERNANDA BELEN
MESA: 404
RODRIGUEZ CAREAGA CAMILO ANTONIO
ROJAS RAMIREZ SEBASTIAN ANDRES
RUIZ GUTIERREZ JORGE ELIZABETH
RUIZ VALDES JAVIERA DEL ROSARIO
RUIZ CORTES KAREN DEL PILAR
MESA: 405
NUÑEZ SANCHEZ VALESKA PATRICIA
SALGADO CASTRO IGNACIO ANDRES
SALINAS BOOZ CAMILA IGNACIA
SEPULVEDA GUZMAN CONSTANZA VALENTINA
TOBAR BERNAL MARIANA LUISA
MESA: 406
SEYSSEL BARRIGA ROSA AMERICA
SIERRA GOMEZ CAMILA ANDREA
STONE FARIAS JAVIERA ANDREA
SUAREZ MARINO CAMILA LUISA
THAM TESTA VERONICA LORETO
MESA: 407
TORRES GARRIDO CRISTIAN FELIPE
TORRES LAGREZE MARTIN ANDRES
TORRES ZULETA MARTIN ALEJANDRO
VALDERRAMA AGUILERA JAVIER IGNACIO
VALENZUELA VARELA ARIEL NICOLAS
MESA: 408
VALLEJOS VALLEJOS ALEXANDER SEBASTIAN
VARGAS CONCHA EDUARDO IGNACIO
VENEGAS SUZARTE CAMILA FERNANDA
VERA ROJAS BASTIAN ANDRES
VERGARA CONTRERAS MARCIA ALEJANDRA
MESA: 409
VILLANUEVA CUEVAS FELIPE IGNACIO
VISGIE BRAVO VILMA ANDREA
VISSILLAC KOVAC ATENAS
WILHELMI VOLLER ANASTASSIA ALEJANDRA
YAÑEZ ALMONACID DAVID
COMUNA	: PROVIDENCIA
CIRCUNS.	: PROVIDENCIA
MESAS	: 410 A LA 429
LOCAL	: COLEGIO SALESIANO EL PATROCINIO DE SAN JOSE
DIRECCIÓN	: BELLAVISTA 0550
MESA: 410
ACEVEDO ACEVEDO ANTONIA GENOVEVA
ACOSTA SALAZAR ALEJANDRO ANTONIO
ACOSTA SALAZAR SEBASTIAN NICOLAS
ACUÑA GARRIDO TOMAS DAMIAN
ARANDA ESPINOZA MARTIN ORLANDO
MESA: 411
BALMACEDA ECHAVARRIA VICENTE MARTIN
BARRERA HENCZ ZAK RENE GUSTAVO
BARRIA ARAVENA VALENTINA ANDREA
BARRIOS BROWN EMILIA RAFAELA
BARRIOS QUIJADA YAIR ALEXIS
MESA: 412
BENAVIDES CONSTANZO JIMENA DEL ROSARIO
BERRIOS GUZMAN CONSTANZA LILIANA
BIFANI FULLA AMELIA MARIA
BOCCA FIDEL CARLOS
CAMPOS ORELLANA LISSETTE DEL CARMEN
MESA: 413
BILL BUDDISZ TOMASZ
CANDIA BELMAR CAMILA FERNANDA
CANDIA PALMA ANA MARIA
CARO ZUNINO ROSARIO CAMILA
CARRASCO REYES OSCAR MARTIN ALONSO
MESA: 414
COLLAZO CARMONA CLAUDIO FELIPE ANDRES
CORTES GARRIDO FELIPE ERNESTO
CORTES VALENCIA DANIELA ANDREA
CORVETTO VASSAR CAMILA ANDREA
COVARRUBIAS AYALA KARINA ANDREA
MESA: 415
DACCARETT ESTAY JAVIERA IGNACIA
DONOSO MORALES IVAN ALONSO
DOUGLAS GALLARDO MARTIN WALTER
ENRIQUEZ BELLO MARCELA OLGA
MESA: 416
FERNANDEZ FERNANDEZ ELCIE DANIELA
FERNANDEZ GAJARDO CECILE DENISSE
FERTILIO ALFARO AMIRA
FIGUEROA JARA PAULA SOFIA
FLORES MUÑOZ CARLOS ANDRES
MESA: 417
GATICA RUIZ NICOLAS BASTIAN
GODOY HIDALGO JESSICA MARIBEL
GONZALEZ GUTIERREZ ERICK DENIS
GONZALEZ ROSEMBERG HENRY FIDEL
GONZALEZ VASQUEZ DANIEL EDUARDO
MESA: 418
HANDELSTEIN AMANDA
HANSON POVELL HERRI
HAYDEN CIFUENTES DANIEL ALBERTO
HENRIQUEZ LEON RODOLFO MARCELO
HENRIQUEZ VARGAS DANIELA BELEN
MESA: 419
KILEMEN TAPIA SILVINA SAMANTA
KHAMIS GIACOMAN ANDRES IGNACIO
KONG CACERES ALEJANDRO ANDRES
LABRIN SUAREZ PABLO ANTONIO
LAGOS MARIN DANIELA
MESA: 420
LOPEZ TIRADO ANDREA MACARENA
LUCO MARTINEZ CRISTIAN JAVIER
MACKINNON ROBERS ALEXANDER EDWARD OSCAR
MANGIOSEPULLAN LETAMENDIA MANUEL FELIPE
MARDONES CONTRERAS SEBASTIAN ANTONIO
MESA: 421
MEZZONO HERRERA NATALIA ANDREA
MIRA VENTURA JUAN VICENTE
MIRANDA OLGUIN CARINA ALEXANDRA
MIRANDA SANTANA PAULINA CECILIA ESTEPHANIA
MIRANDA URIBE ALONINA ANDREA
MESA: 422
NAVARRETE OYARCE JAVIERA ANDREA
NAVARRETE OYARCE PATRICIO ALEJANDRO
NAVARRETE OYARCE BARBARA PAZ
NUÑEZ CORONADO PABLO ANDRES
NUÑEZ MIRANDA MARCELA ROSA
MESA: 423
PALMA ESPINOZA BEATRIZ GREGORIA
PALMA VALENZUELA FLORENCIA ANTONIA
PARDO VELASQUEZ ANA MARIA PAZ
PEÑA SALDIAS VALERIA CATALINA
PEREIRA ROA JAMAL JOSE
MESA: 424
DABOCH MERCADO NICOLE
RECABARREN GARCIA BENJAMIN MATIAS
RECHER MEIER ALIA MAGDALENA
REYES GAETE JULIAN ROBERTO PHILIPPE
REYES ROMAN MARCO ANDRES
MESA: 425
RIVERA RIOS MARCELO ANDRES
ROBLERO ALVAREZ LILA DEL ROSARIO
RODRIGUEZ NARETTI DIEGO IGNACIO
RODRIGUEZ VALDES CARLOS PATRICIO
ROSARIO ROSARIO SEBASTIAN IGNACIO
MESA: 426
SAN MARTIN PROROSTE CRISTIAN SIMON
SAN MARTIN WISTUBA JOSE IGNACIO
SCHENKEL PLYMYER SARA JULIA
SCHIFF ORTEGA ABIGAEL MATILDE
SEGNER GUERRA CARLOS AURELIO
MESA: 427
SMART TORREALBA MARIA JOSEFA
SOTO MUNIZAGA LUCAS
SOTO MUÑOZ JAVIER ALEJANDRO
TAPIA ORELLANA JUAN PABLO
TAPIA ORTIZ PEDRO ANDRES
MESA: 428
URTUBIA VERGARA VERONICA ISABEL
VALENZUELA LABBE MACARENA PAZ
VALLET WARNKEN FERNANDA
VARGAS VASQUEZ VERONICA DEL CARMEN
VASQUEZ TEJEDA GABRIEL ANTONIO
MESA: 429
VICUÑA FUENTES DAN SANTIAGO JOSE
VILLADA PEÑA JAVIER FELIPE
VILLALOBOS RIOS CAROLINA DEL CARMEN
VILLANUEVA ANDREA ANTONIETA
VILLAR BUTELER EDUARDO IGNACIO
